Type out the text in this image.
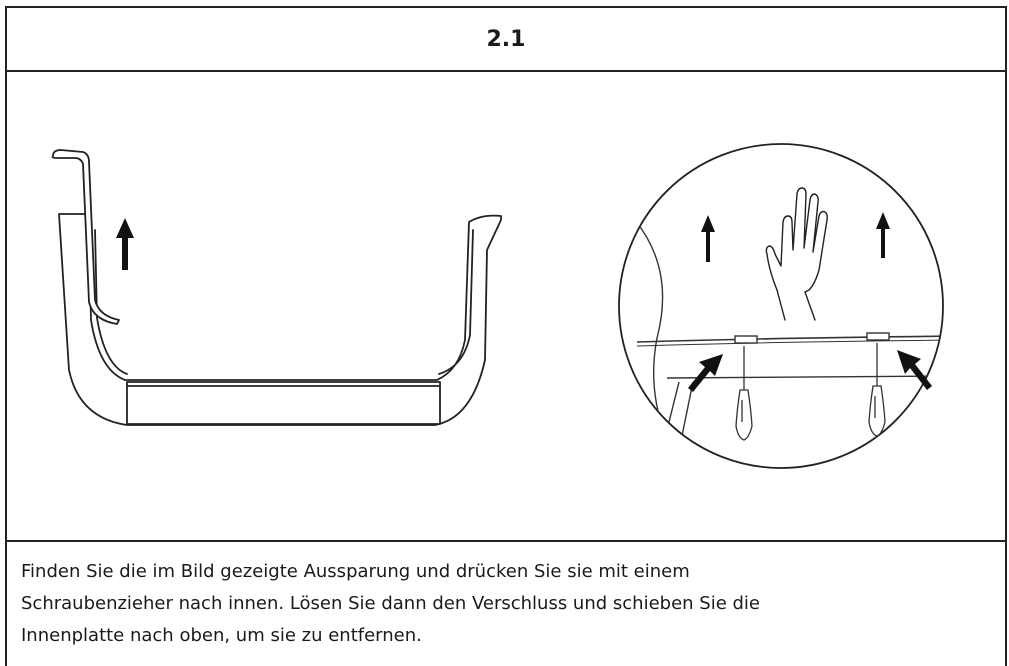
2.1
Finden Sie die im Bild gezeigte Aussparung und drücken Sie sie mit einem
Schraubenzieher nach innen. Lösen Sie dann den Verschluss und schieben Sie die
Innenplatte nach oben, um sie zu entfernen.
